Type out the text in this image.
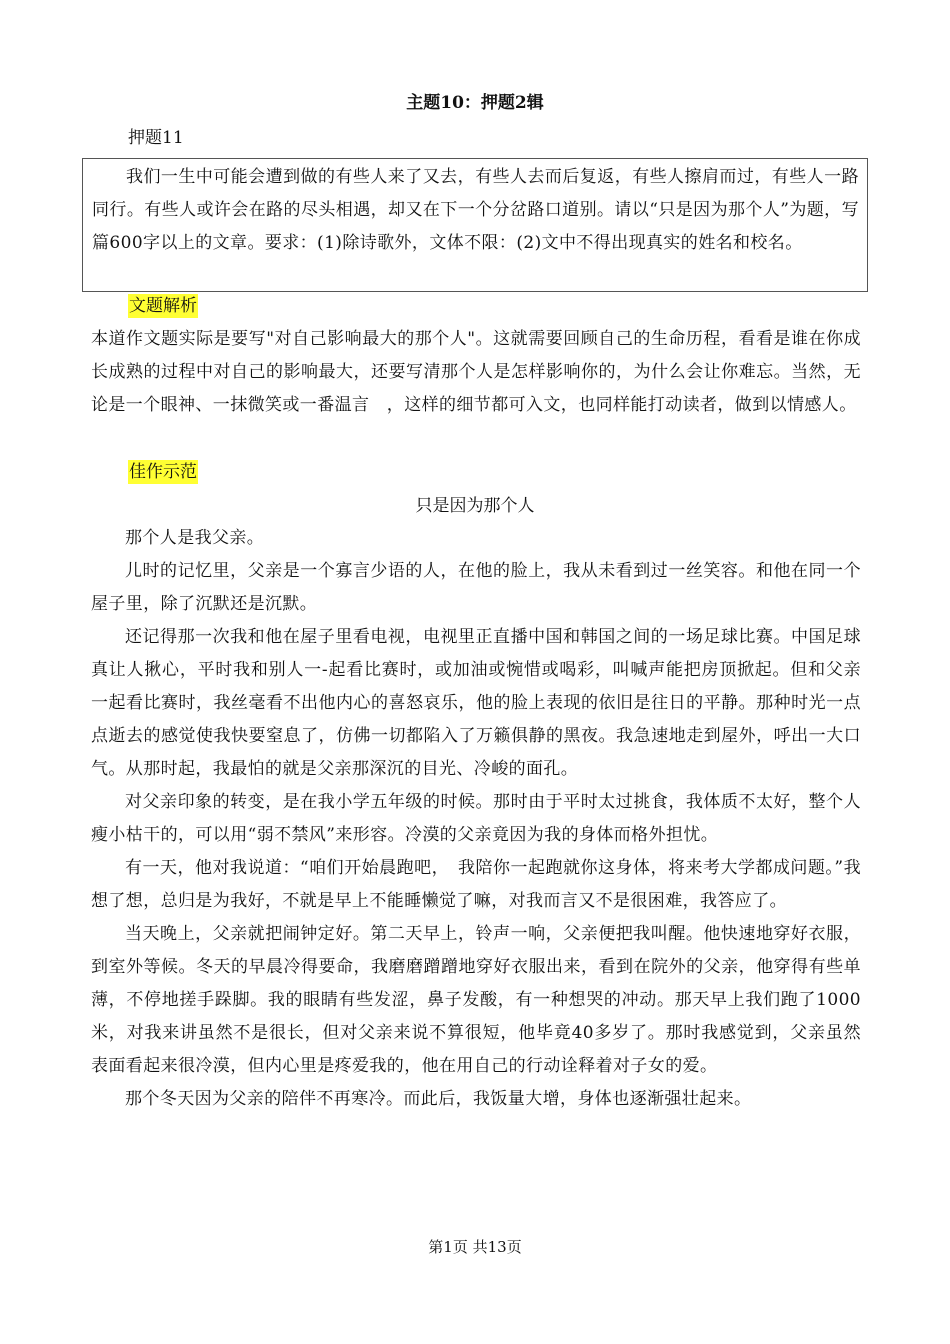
主题10：押题2辑
押题11

我们一生中可能会遭到做的有些人来了又去，有些人去而后复返，有些人擦肩而过，有些人一路同行。有些人或许会在路的尽头相遇，却又在下一个分岔路口道别。请以“只是因为那个人”为题，写篇600字以上的文章。要求：(1)除诗歌外，文体不限：(2)文中不得出现真实的姓名和校名。

文题解析

本道作文题实际是要写"对自己影响最大的那个人"。这就需要回顾自己的生命历程，看看是谁在你成长成熟的过程中对自己的影响最大，还要写清那个人是怎样影响你的，为什么会让你难忘。当然，无论是一个眼神、一抹微笑或一番温言　，这样的细节都可入文，也同样能打动读者，做到以情感人。

佳作示范
只是因为那个人

那个人是我父亲。

儿时的记忆里，父亲是一个寡言少语的人，在他的脸上，我从未看到过一丝笑容。和他在同一个屋子里，除了沉默还是沉默。

还记得那一次我和他在屋子里看电视，电视里正直播中国和韩国之间的一场足球比赛。中国足球真让人揪心，平时我和别人一-起看比赛时，或加油或惋惜或喝彩，叫喊声能把房顶掀起。但和父亲一起看比赛时，我丝毫看不出他内心的喜怒哀乐，他的脸上表现的依旧是往日的平静。那种时光一点点逝去的感觉使我快要窒息了，仿佛一切都陷入了万籁俱静的黑夜。我急速地走到屋外，呼出一大口气。从那时起，我最怕的就是父亲那深沉的目光、冷峻的面孔。

对父亲印象的转变，是在我小学五年级的时候。那时由于平时太过挑食，我体质不太好，整个人瘦小枯干的，可以用“弱不禁风”来形容。冷漠的父亲竟因为我的身体而格外担忧。

有一天，他对我说道：“咱们开始晨跑吧，　我陪你一起跑就你这身体，将来考大学都成问题。”我想了想，总归是为我好，不就是早上不能睡懒觉了嘛，对我而言又不是很困难，我答应了。

当天晚上，父亲就把闹钟定好。第二天早上，铃声一响，父亲便把我叫醒。他快速地穿好衣服，到室外等候。冬天的早晨冷得要命，我磨磨蹭蹭地穿好衣服出来，看到在院外的父亲，他穿得有些单薄，不停地搓手跺脚。我的眼睛有些发涩，鼻子发酸，有一种想哭的冲动。那天早上我们跑了1000米，对我来讲虽然不是很长，但对父亲来说不算很短，他毕竟40多岁了。那时我感觉到，父亲虽然表面看起来很冷漠，但内心里是疼爱我的，他在用自己的行动诠释着对子女的爱。

那个冬天因为父亲的陪伴不再寒冷。而此后，我饭量大增，身体也逐渐强壮起来。

第1页 共13页
